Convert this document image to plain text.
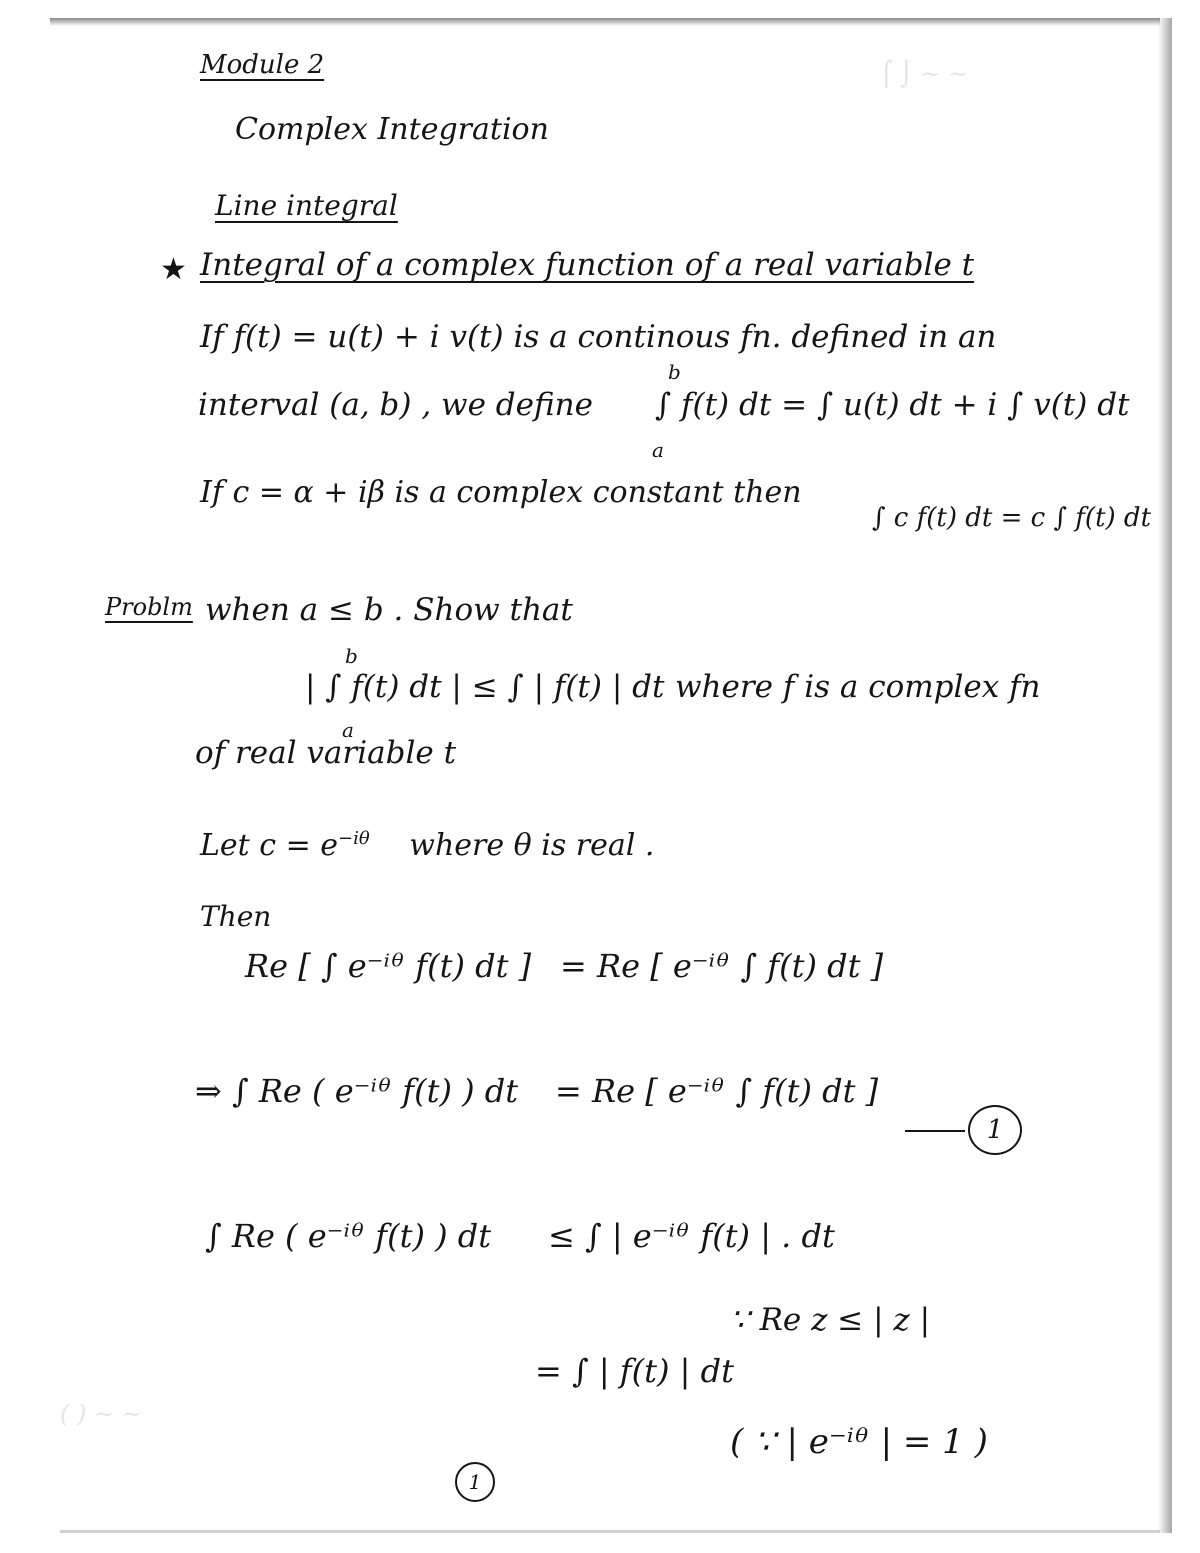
⌠ ⌡ ~ ~
( ) ~ ~
Module 2
Complex Integration
Line integral
★ Integral of a complex function of a real variable t
If f(t) = u(t) + i v(t) is a continous fn. defined in an
interval (a, b) , we define ∫ f(t) dt = ∫ u(t) dt + i ∫ v(t) dt
b
a
If c = α + iβ is a complex constant then
∫ c f(t) dt = c ∫ f(t) dt
Problm when a ≤ b . Show that
| ∫ f(t) dt | ≤ ∫ | f(t) | dt
b
a
where f is a complex fn
of real variable t
Let $c = e^{-i\theta}$ where θ is real .
Then
Re [ ∫ e⁻ⁱᶿ f(t) dt ] = Re [ e⁻ⁱᶿ ∫ f(t) dt ]
⇒ ∫ Re ( e⁻ⁱᶿ f(t) ) dt = Re [ e⁻ⁱᶿ ∫ f(t) dt ]
1
∫ Re ( e⁻ⁱᶿ f(t) ) dt ≤ ∫ | e⁻ⁱᶿ f(t) | . dt
∵ Re z ≤ | z |
= ∫ | f(t) | dt
( ∵ | e⁻ⁱᶿ | = 1 )
1
